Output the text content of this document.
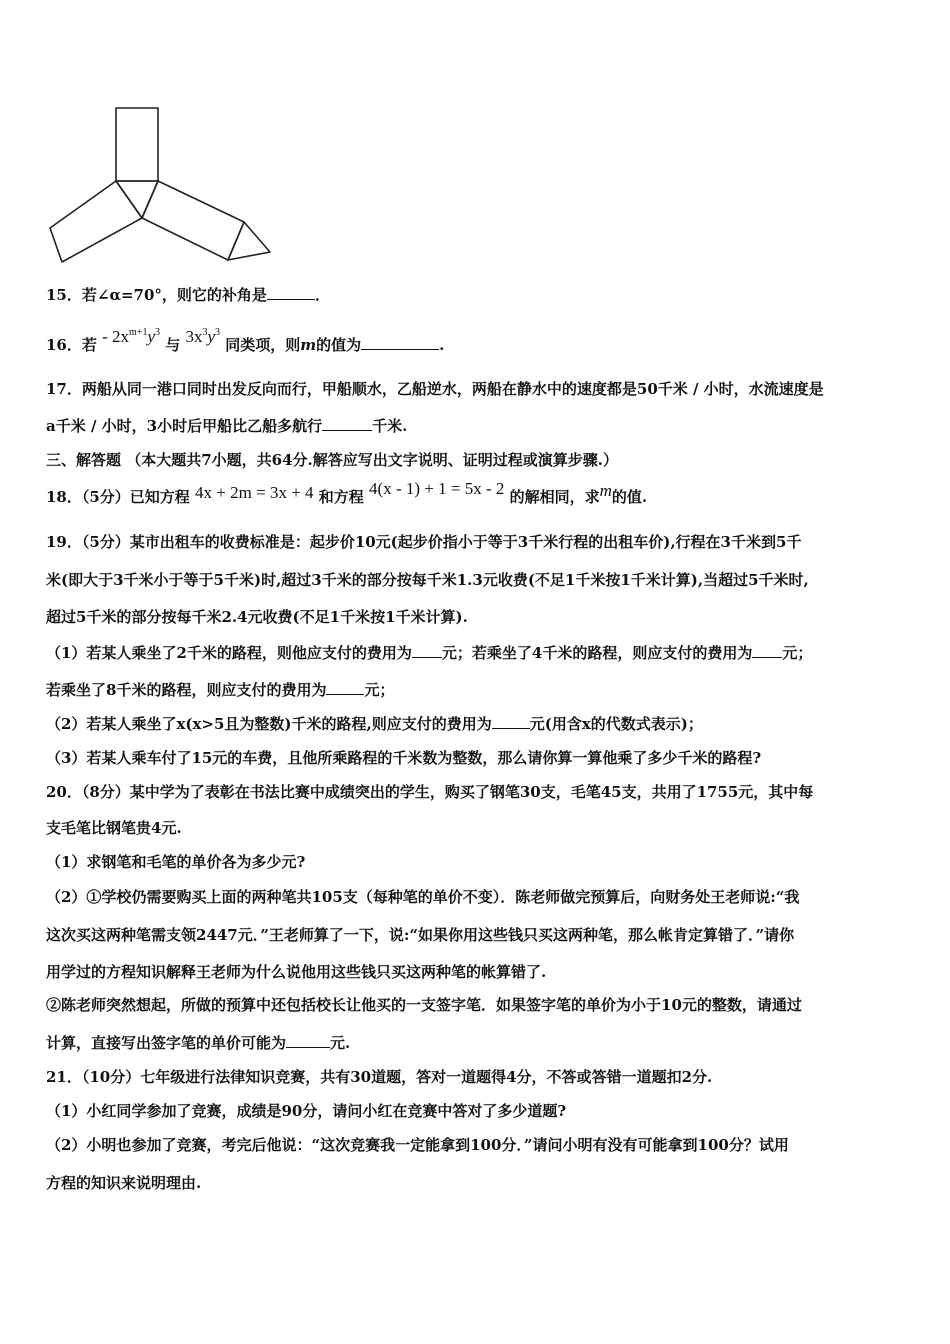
15．若∠α=70°，则它的补角是	．
16．若 - $2x^{m+1}y^3$ 与 $3x^3y^3$ 同类项，则m的值为	.
17．两船从同一港口同时出发反向而行，甲船顺水，乙船逆水，两船在静水中的速度都是50千米 / 小时，水流速度是
a千米 / 小时，3小时后甲船比乙船多航行	千米.
三、解答题 （本大题共7小题，共64分.解答应写出文字说明、证明过程或演算步骤.）
18．（5分）已知方程 4x + 2m = 3x + 4 和方程 4(x - 1) + 1 = 5x - 2 的解相同，求m的值.
19．（5分）某市出租车的收费标准是：起步价10元(起步价指小于等于3千米行程的出租车价),行程在3千米到5千
米(即大于3千米小于等于5千米)时,超过3千米的部分按每千米1.3元收费(不足1千米按1千米计算),当超过5千米时,
超过5千米的部分按每千米2.4元收费(不足1千米按1千米计算).
（1）若某人乘坐了2千米的路程，则他应支付的费用为 元；若乘坐了4千米的路程，则应支付的费用为 元；
若乘坐了8千米的路程，则应支付的费用为	元；
（2）若某人乘坐了x(x>5且为整数)千米的路程,则应支付的费用为	元(用含x的代数式表示)；
（3）若某人乘车付了15元的车费，且他所乘路程的千米数为整数，那么请你算一算他乘了多少千米的路程?
20．（8分）某中学为了表彰在书法比赛中成绩突出的学生，购买了钢笔30支，毛笔45支，共用了1755元，其中每
支毛笔比钢笔贵4元.
（1）求钢笔和毛笔的单价各为多少元?
（2）①学校仍需要购买上面的两种笔共105支（每种笔的单价不变）．陈老师做完预算后，向财务处王老师说:“我
这次买这两种笔需支领2447元．”王老师算了一下，说:“如果你用这些钱只买这两种笔，那么帐肯定算错了．”请你
用学过的方程知识解释王老师为什么说他用这些钱只买这两种笔的帐算错了.
②陈老师突然想起，所做的预算中还包括校长让他买的一支签字笔．如果签字笔的单价为小于10元的整数，请通过
计算，直接写出签字笔的单价可能为	元.
21．（10分）七年级进行法律知识竞赛，共有30道题，答对一道题得4分，不答或答错一道题扣2分.
（1）小红同学参加了竞赛，成绩是90分，请问小红在竞赛中答对了多少道题?
（2）小明也参加了竞赛，考完后他说：“这次竞赛我一定能拿到100分．”请问小明有没有可能拿到100分？试用
方程的知识来说明理由.
